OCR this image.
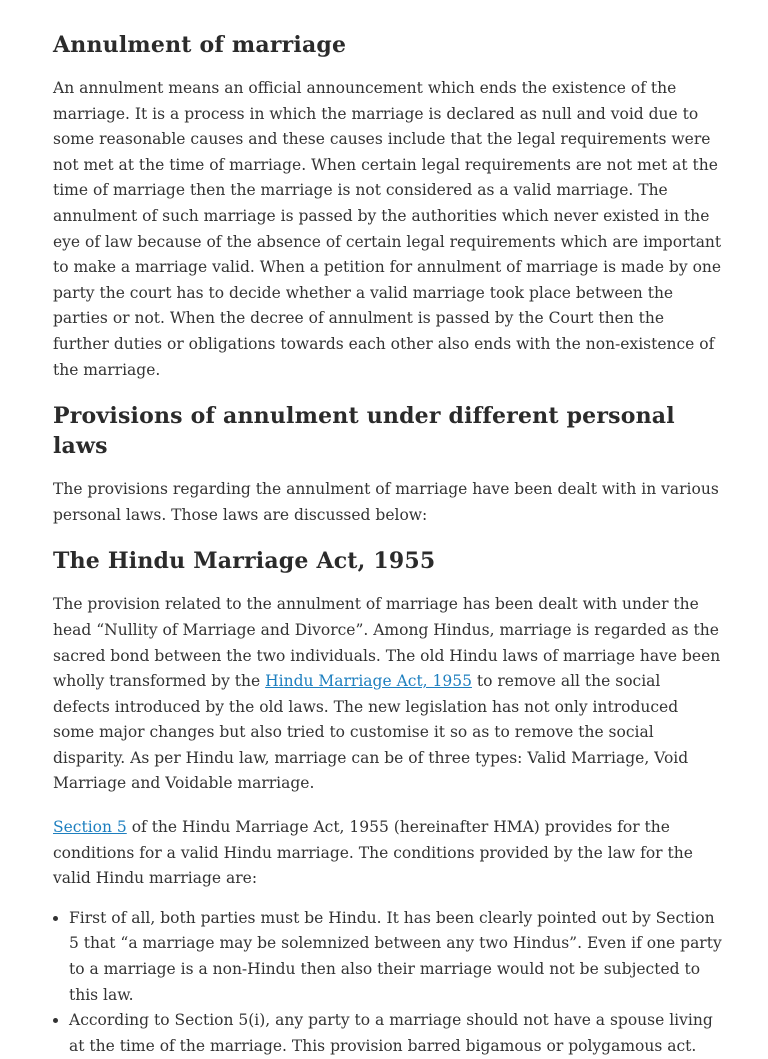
Annulment of marriage

An annulment means an official announcement which ends the existence of the marriage. It is a process in which the marriage is declared as null and void due to some reasonable causes and these causes include that the legal requirements were not met at the time of marriage. When certain legal requirements are not met at the time of marriage then the marriage is not considered as a valid marriage. The annulment of such marriage is passed by the authorities which never existed in the eye of law because of the absence of certain legal requirements which are important to make a marriage valid. When a petition for annulment of marriage is made by one party the court has to decide whether a valid marriage took place between the parties or not. When the decree of annulment is passed by the Court then the further duties or obligations towards each other also ends with the non-existence of the marriage.

Provisions of annulment under different personal laws

The provisions regarding the annulment of marriage have been dealt with in various personal laws. Those laws are discussed below:

The Hindu Marriage Act, 1955

The provision related to the annulment of marriage has been dealt with under the head “Nullity of Marriage and Divorce”. Among Hindus, marriage is regarded as the sacred bond between the two individuals. The old Hindu laws of marriage have been wholly transformed by the Hindu Marriage Act, 1955 to remove all the social defects introduced by the old laws. The new legislation has not only introduced some major changes but also tried to customise it so as to remove the social disparity. As per Hindu law, marriage can be of three types: Valid Marriage, Void Marriage and Voidable marriage.

Section 5 of the Hindu Marriage Act, 1955 (hereinafter HMA) provides for the conditions for a valid Hindu marriage. The conditions provided by the law for the valid Hindu marriage are:

• First of all, both parties must be Hindu. It has been clearly pointed out by Section 5 that “a marriage may be solemnized between any two Hindus”. Even if one party to a marriage is a non-Hindu then also their marriage would not be subjected to this law.
• According to Section 5(i), any party to a marriage should not have a spouse living at the time of the marriage. This provision barred bigamous or polygamous act.
